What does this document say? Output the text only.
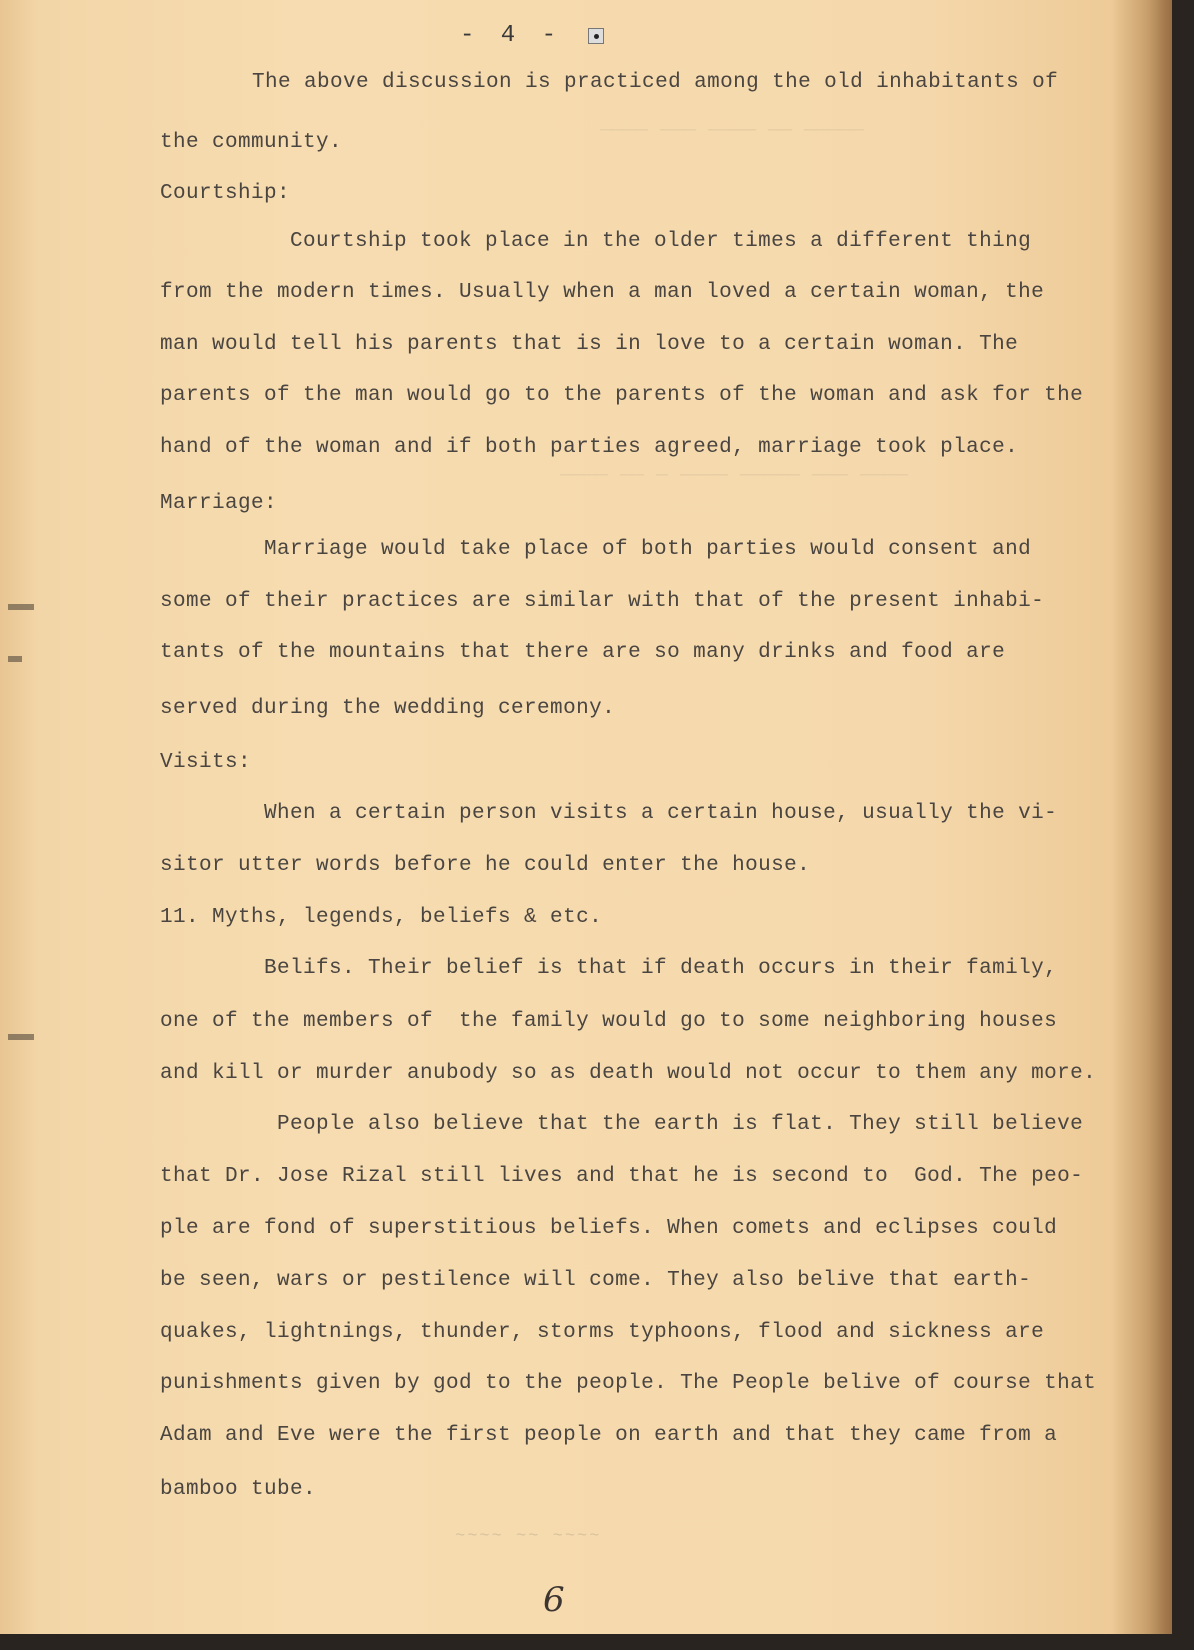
──── ─── ──── ── ─────
──── ── ─ ──── ───── ─── ────
- 4 -
The above discussion is practiced among the old inhabitants of
the community.
Courtship:
Courtship took place in the older times a different thing
from the modern times. Usually when a man loved a certain woman, the
man would tell his parents that is in love to a certain woman. The
parents of the man would go to the parents of the woman and ask for the
hand of the woman and if both parties agreed, marriage took place.
Marriage:
Marriage would take place of both parties would consent and
some of their practices are similar with that of the present inhabi-
tants of the mountains that there are so many drinks and food are
served during the wedding ceremony.
Visits:
When a certain person visits a certain house, usually the vi-
sitor utter words before he could enter the house.
11. Myths, legends, beliefs & etc.
Belifs. Their belief is that if death occurs in their family,
one of the members of  the family would go to some neighboring houses
and kill or murder anubody so as death would not occur to them any more.
People also believe that the earth is flat. They still believe
that Dr. Jose Rizal still lives and that he is second to  God. The peo-
ple are fond of superstitious beliefs. When comets and eclipses could
be seen, wars or pestilence will come. They also belive that earth-
quakes, lightnings, thunder, storms typhoons, flood and sickness are
punishments given by god to the people. The People belive of course that
Adam and Eve were the first people on earth and that they came from a
bamboo tube.
~~~~ ~~ ~~~~
6
